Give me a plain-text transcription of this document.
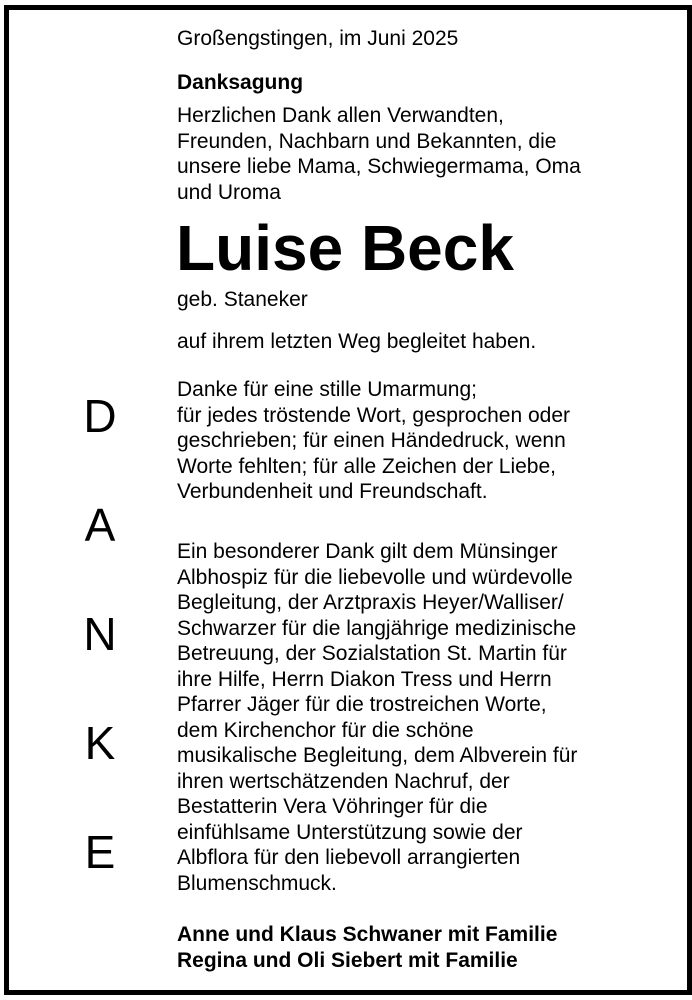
Großengstingen, im Juni 2025

Danksagung

Herzlichen Dank allen Verwandten,
Freunden, Nachbarn und Bekannten, die
unsere liebe Mama, Schwiegermama, Oma
und Uroma

Luise Beck

geb. Staneker

auf ihrem letzten Weg begleitet haben.

Danke für eine stille Umarmung;
für jedes tröstende Wort, gesprochen oder
geschrieben; für einen Händedruck, wenn
Worte fehlten; für alle Zeichen der Liebe,
Verbundenheit und Freundschaft.

Ein besonderer Dank gilt dem Münsinger
Albhospiz für die liebevolle und würdevolle
Begleitung, der Arztpraxis Heyer/Walliser/
Schwarzer für die langjährige medizinische
Betreuung, der Sozialstation St. Martin für
ihre Hilfe, Herrn Diakon Tress und Herrn
Pfarrer Jäger für die trostreichen Worte,
dem Kirchenchor für die schöne
musikalische Begleitung, dem Albverein für
ihren wertschätzenden Nachruf, der
Bestatterin Vera Vöhringer für die
einfühlsame Unterstützung sowie der
Albflora für den liebevoll arrangierten
Blumenschmuck.

Anne und Klaus Schwaner mit Familie
Regina und Oli Siebert mit Familie

D
A
N
K
E
